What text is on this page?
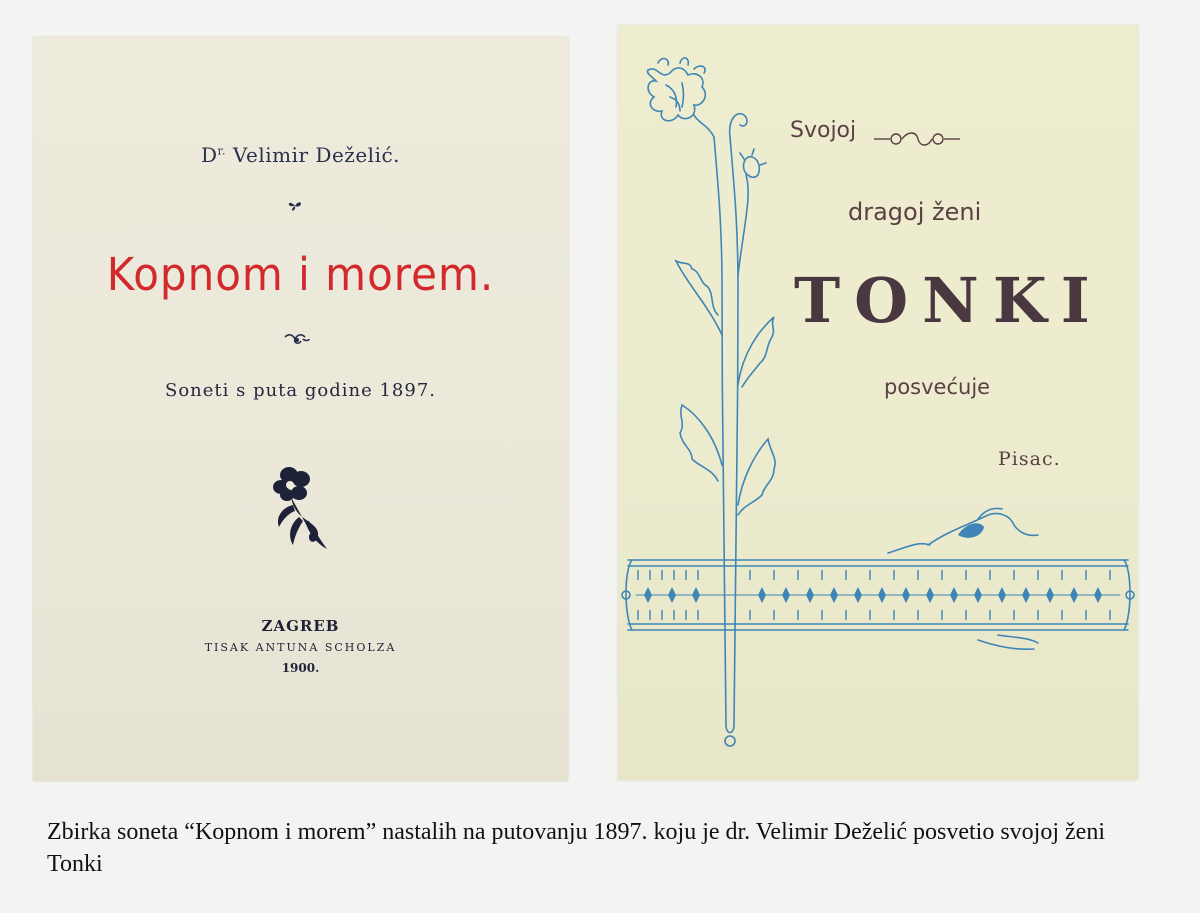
$D^{r.}$ Velimir Deželić.
Kopnom i morem.
Soneti s puta godine 1897.
ZAGREB
TISAK ANTUNA SCHOLZA
1900.
Svojoj
dragoj ženi
TONKI
posvećuje
Pisac.
Zbirka soneta “Kopnom i morem” nastalih na putovanju 1897. koju je dr. Velimir Deželić posvetio svojoj ženi Tonki
